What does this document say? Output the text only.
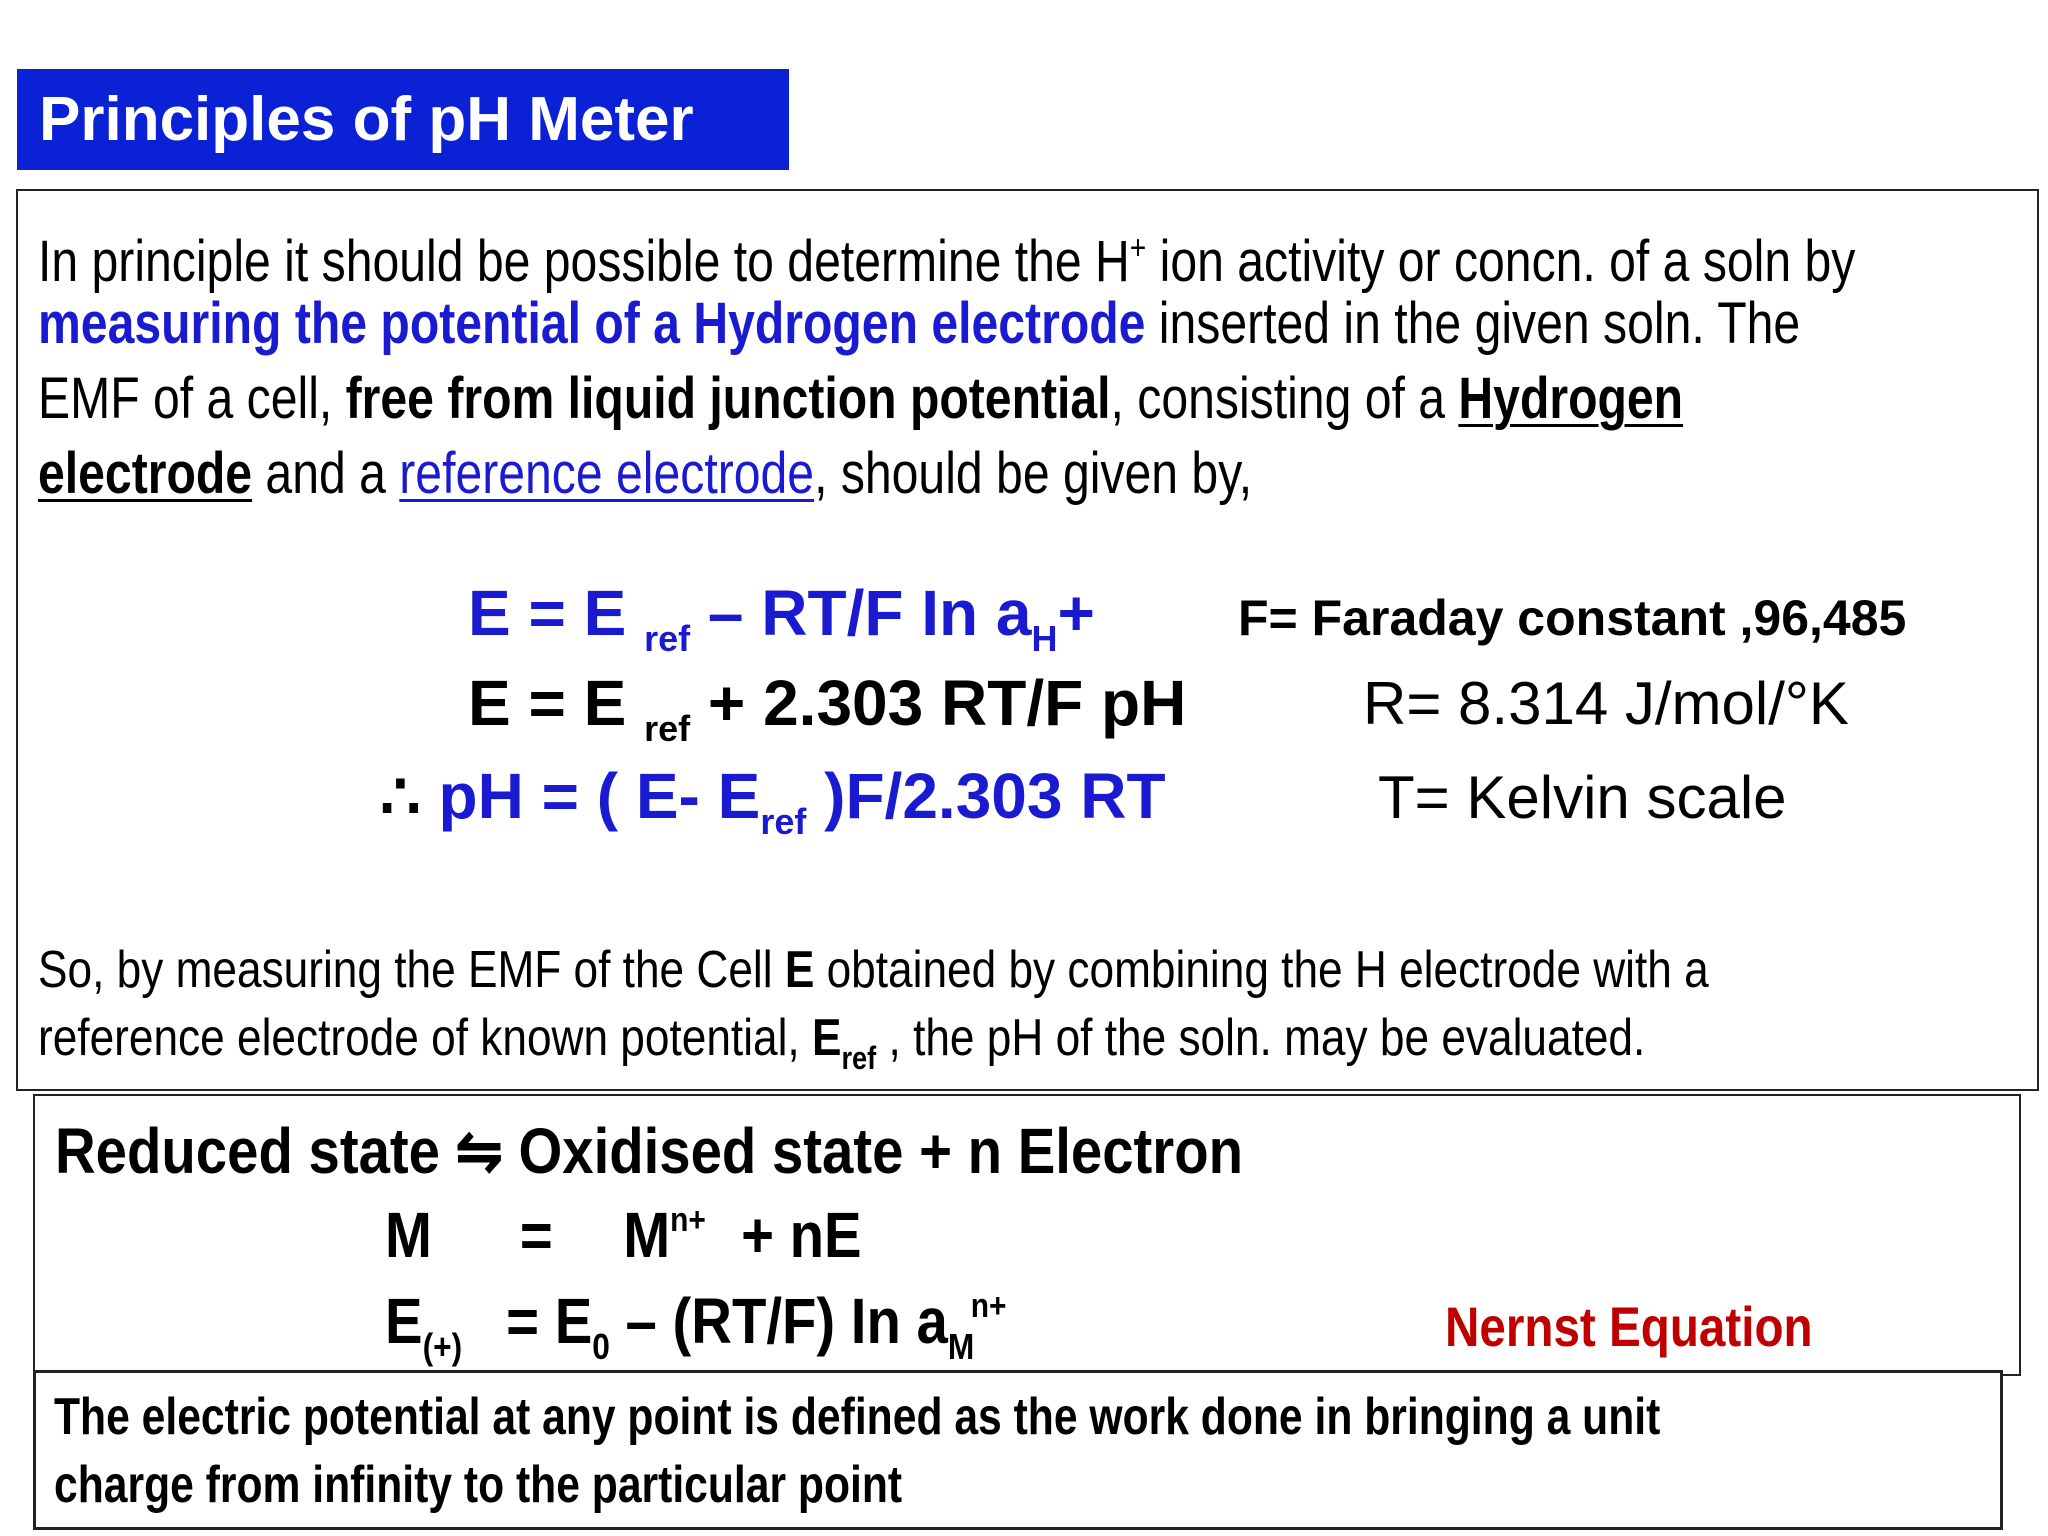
Principles of pH Meter
In principle it should be possible to determine the H+ ion activity or concn. of a soln by
measuring the potential of a Hydrogen electrode inserted in the given soln. The
EMF of a cell, free from liquid junction potential, consisting of a Hydrogen
electrode and a reference electrode, should be given by,
E = E $_{ref}$ – RT/F In $a_H+$
E = E $_{ref}$ + 2.303 RT/F pH
∴ pH = ( E- $E_{ref}$ )F/2.303 RT
F= Faraday constant ,96,485
R= 8.314 J/mol/°K
T= Kelvin scale
So, by measuring the EMF of the Cell E obtained by combining the H electrode with a
reference electrode of known potential, $E_{ref}$ , the pH of the soln. may be evaluated.
Reduced state ⇋ Oxidised state + n Electron
$M = M^{n+}$ + nE
$E_{(+)} = E_0 - (RT/F)$ In $a_M^{n+}$	Nernst Equation
The electric potential at any point is defined as the work done in bringing a unit
charge from infinity to the particular point
